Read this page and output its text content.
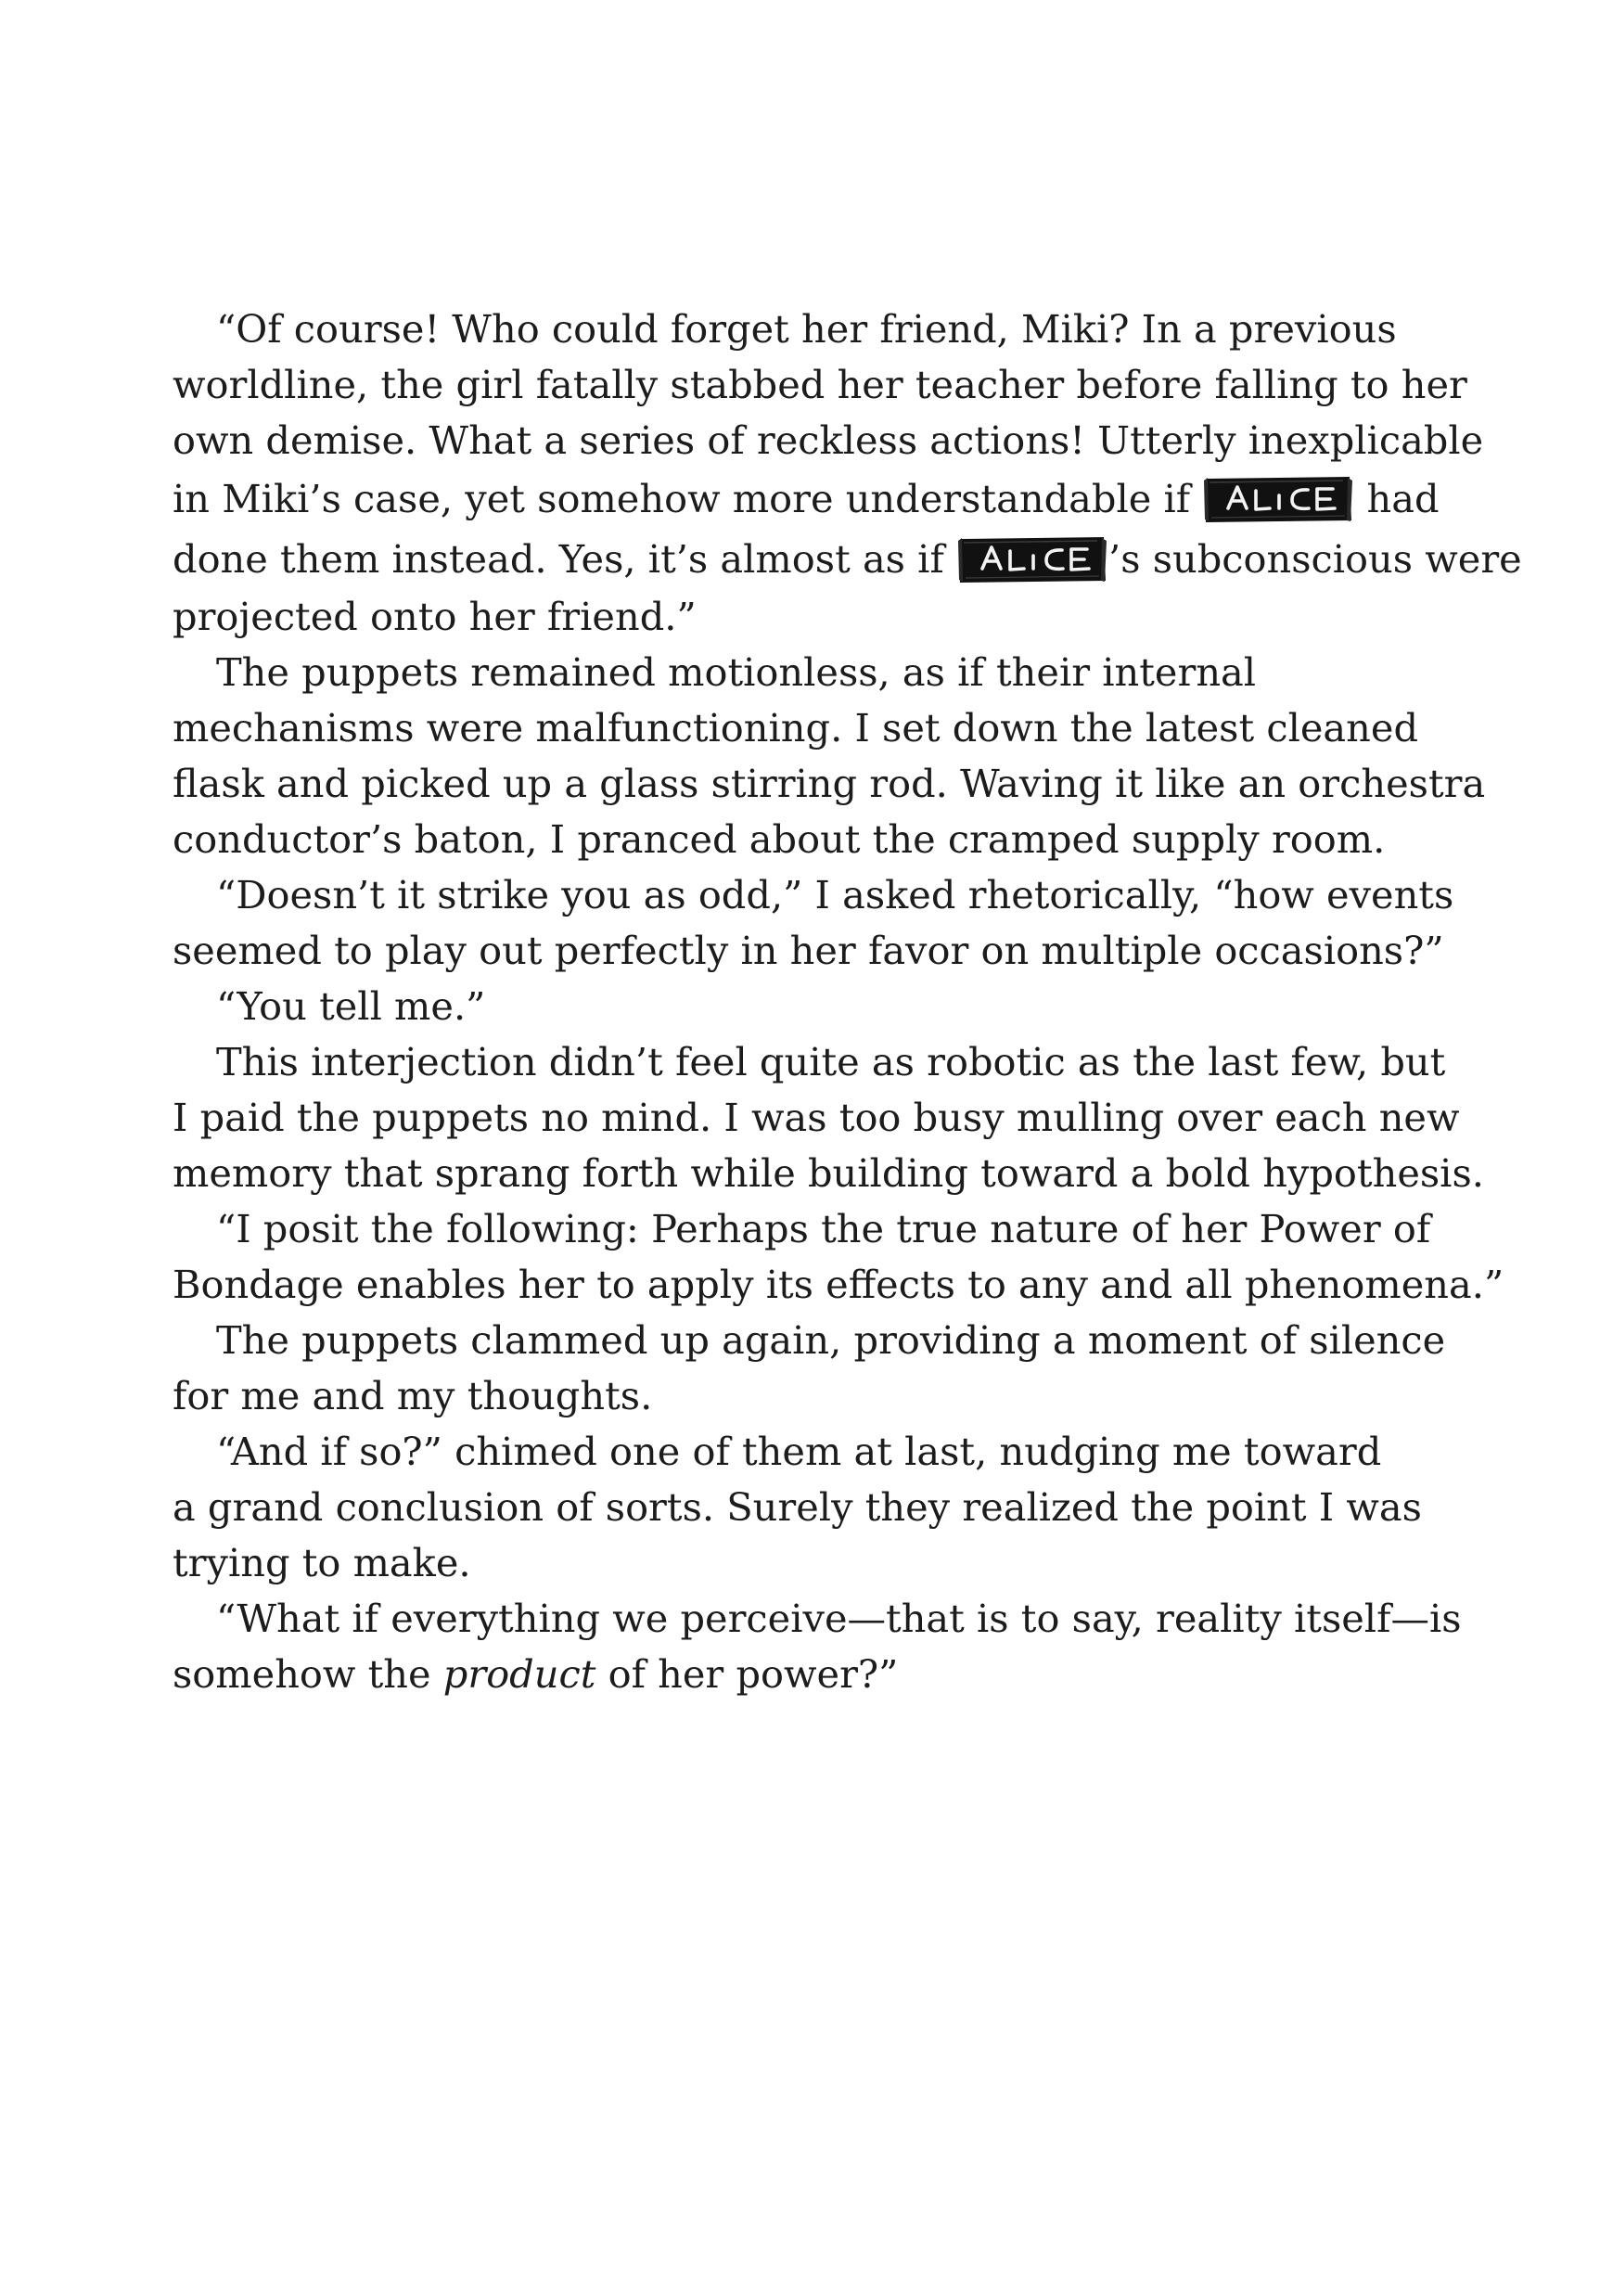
“Of course! Who could forget her friend, Miki? In a previous
worldline, the girl fatally stabbed her teacher before falling to her
own demise. What a series of reckless actions! Utterly inexplicable
in Miki’s case, yet somehow more understandable if	had
done them instead. Yes, it’s almost as if	’s subconscious were
projected onto her friend.”
The puppets remained motionless, as if their internal
mechanisms were malfunctioning. I set down the latest cleaned
flask and picked up a glass stirring rod. Waving it like an orchestra
conductor’s baton, I pranced about the cramped supply room.
“Doesn’t it strike you as odd,” I asked rhetorically, “how events
seemed to play out perfectly in her favor on multiple occasions?”
“You tell me.”
This interjection didn’t feel quite as robotic as the last few, but
I paid the puppets no mind. I was too busy mulling over each new
memory that sprang forth while building toward a bold hypothesis.
“I posit the following: Perhaps the true nature of her Power of
Bondage enables her to apply its effects to any and all phenomena.”
The puppets clammed up again, providing a moment of silence
for me and my thoughts.
“And if so?” chimed one of them at last, nudging me toward
a grand conclusion of sorts. Surely they realized the point I was
trying to make.
“What if everything we perceive—that is to say, reality itself—is
somehow the product of her power?”
